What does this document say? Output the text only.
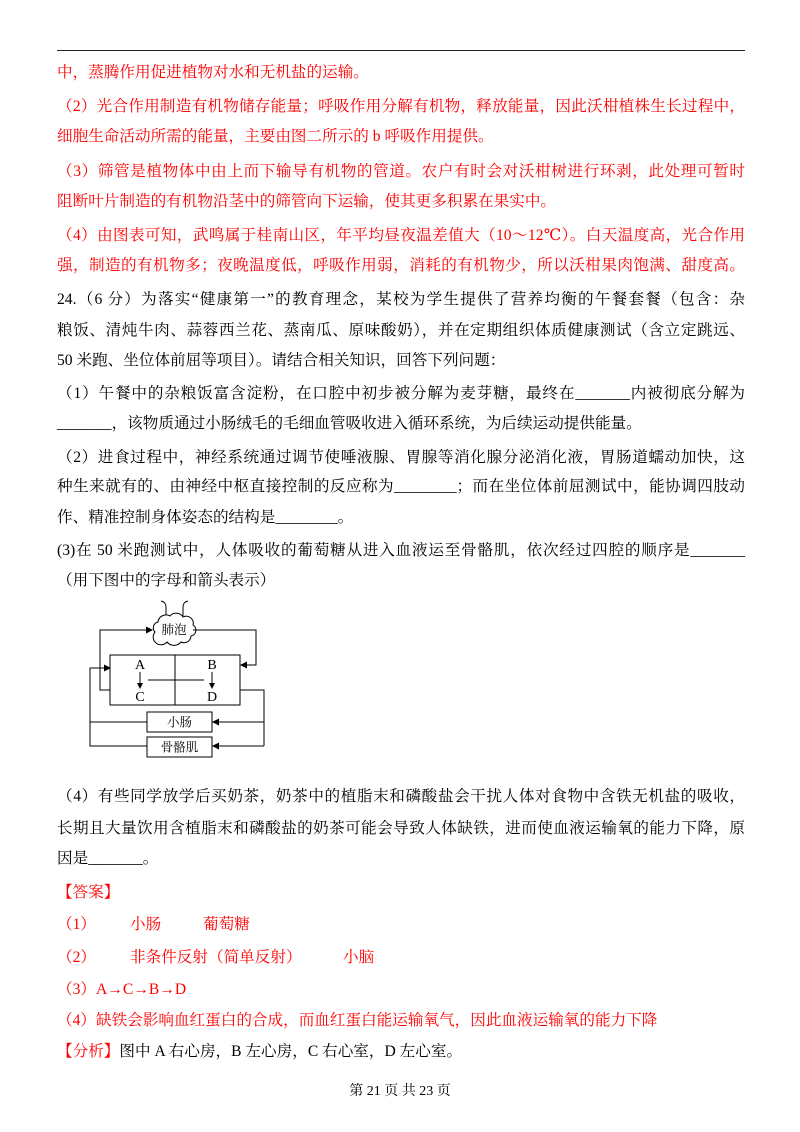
中，蒸腾作用促进植物对水和无机盐的运输。
（2）光合作用制造有机物储存能量；呼吸作用分解有机物，释放能量，因此沃柑植株生长过程中，
细胞生命活动所需的能量，主要由图二所示的 b 呼吸作用提供。
（3）筛管是植物体中由上而下输导有机物的管道。农户有时会对沃柑树进行环剥，此处理可暂时
阻断叶片制造的有机物沿茎中的筛管向下运输，使其更多积累在果实中。
（4）由图表可知，武鸣属于桂南山区，年平均昼夜温差值大（10～12℃）。白天温度高，光合作用
强，制造的有机物多；夜晚温度低，呼吸作用弱，消耗的有机物少，所以沃柑果肉饱满、甜度高。
24.（6 分）为落实“健康第一”的教育理念，某校为学生提供了营养均衡的午餐套餐（包含：杂
粮饭、清炖牛肉、蒜蓉西兰花、蒸南瓜、原味酸奶），并在定期组织体质健康测试（含立定跳远、
50 米跑、坐位体前屈等项目）。请结合相关知识，回答下列问题：
（1）午餐中的杂粮饭富含淀粉，在口腔中初步被分解为麦芽糖，最终在_______内被彻底分解为
_______，该物质通过小肠绒毛的毛细血管吸收进入循环系统，为后续运动提供能量。
（2）进食过程中，神经系统通过调节使唾液腺、胃腺等消化腺分泌消化液，胃肠道蠕动加快，这
种生来就有的、由神经中枢直接控制的反应称为________；而在坐位体前屈测试中，能协调四肢动
作、精准控制身体姿态的结构是________。
(3)在 50 米跑测试中，人体吸收的葡萄糖从进入血液运至骨骼肌，依次经过四腔的顺序是_______
（用下图中的字母和箭头表示）
肺泡
A
C
B
D
小肠
骨骼肌
（4）有些同学放学后买奶茶，奶茶中的植脂末和磷酸盐会干扰人体对食物中含铁无机盐的吸收，
长期且大量饮用含植脂末和磷酸盐的奶茶可能会导致人体缺铁，进而使血液运输氧的能力下降，原
因是_______。
【答案】
（1） 小肠	葡萄糖
（2） 非条件反射（简单反射）	小脑
（3）A→C→B→D
（4）缺铁会影响血红蛋白的合成，而血红蛋白能运输氧气，因此血液运输氧的能力下降
【分析】图中 A 右心房，B 左心房，C 右心室，D 左心室。
第 21 页 共 23 页
